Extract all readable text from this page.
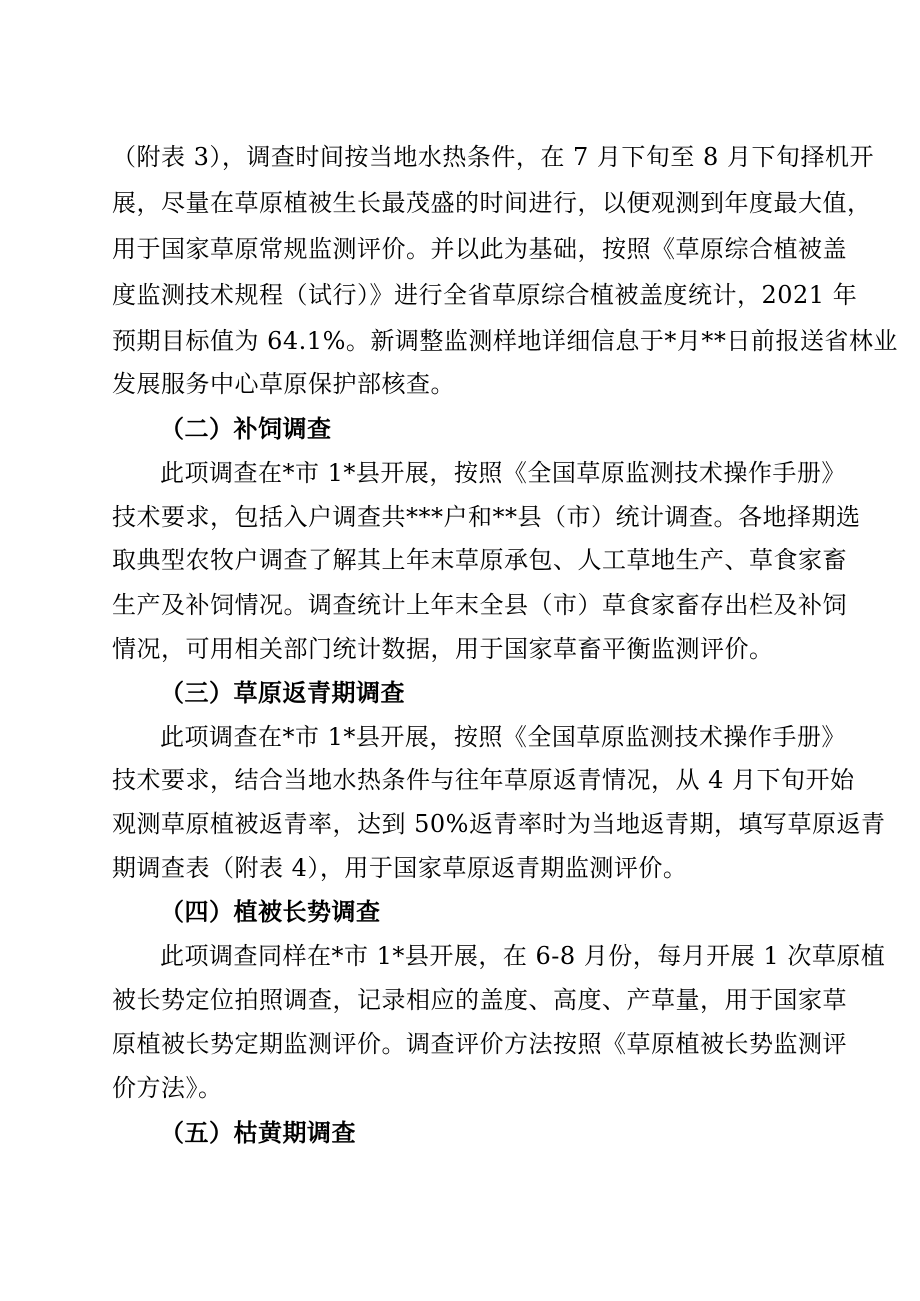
（附表 3），调查时间按当地水热条件，在 7 月下旬至 8 月下旬择机开
展，尽量在草原植被生长最茂盛的时间进行，以便观测到年度最大值，
用于国家草原常规监测评价。并以此为基础，按照《草原综合植被盖
度监测技术规程（试行）》进行全省草原综合植被盖度统计，2021 年
预期目标值为 64.1%。新调整监测样地详细信息于*月**日前报送省林业
发展服务中心草原保护部核查。
（二）补饲调查
此项调查在*市 1*县开展，按照《全国草原监测技术操作手册》
技术要求，包括入户调查共***户和**县（市）统计调查。各地择期选
取典型农牧户调查了解其上年末草原承包、人工草地生产、草食家畜
生产及补饲情况。调查统计上年末全县（市）草食家畜存出栏及补饲
情况，可用相关部门统计数据，用于国家草畜平衡监测评价。
（三）草原返青期调查
此项调查在*市 1*县开展，按照《全国草原监测技术操作手册》
技术要求，结合当地水热条件与往年草原返青情况，从 4 月下旬开始
观测草原植被返青率，达到 50%返青率时为当地返青期，填写草原返青
期调查表（附表 4），用于国家草原返青期监测评价。
（四）植被长势调查
此项调查同样在*市 1*县开展，在 6-8 月份，每月开展 1 次草原植
被长势定位拍照调查，记录相应的盖度、高度、产草量，用于国家草
原植被长势定期监测评价。调查评价方法按照《草原植被长势监测评
价方法》。
（五）枯黄期调查
